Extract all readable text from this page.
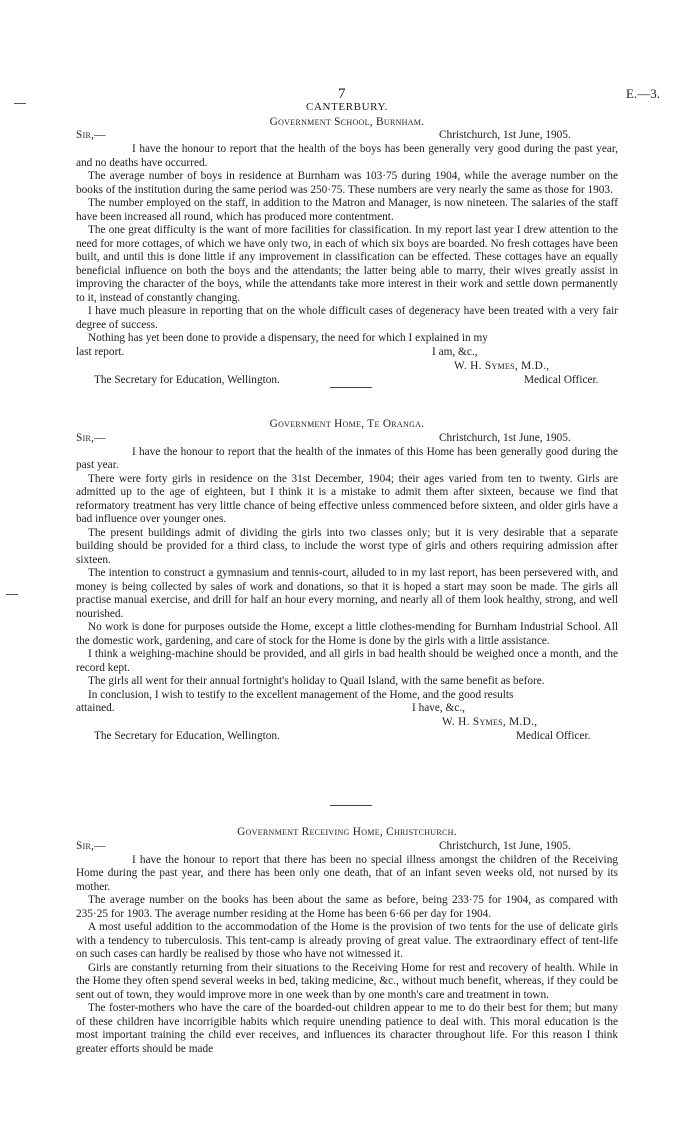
7	E.—3.
CANTERBURY.
Government School, Burnham.
Sir,—	Christchurch, 1st June, 1905.

I have the honour to report that the health of the boys has been generally very good during the past year, and no deaths have occurred.

The average number of boys in residence at Burnham was 103·75 during 1904, while the average number on the books of the institution during the same period was 250·75. These numbers are very nearly the same as those for 1903.

The number employed on the staff, in addition to the Matron and Manager, is now nineteen. The salaries of the staff have been increased all round, which has produced more contentment.

The one great difficulty is the want of more facilities for classification. In my report last year I drew attention to the need for more cottages, of which we have only two, in each of which six boys are boarded. No fresh cottages have been built, and until this is done little if any improvement in classification can be effected. These cottages have an equally beneficial influence on both the boys and the attendants; the latter being able to marry, their wives greatly assist in improving the character of the boys, while the attendants take more interest in their work and settle down permanently to it, instead of constantly changing.

I have much pleasure in reporting that on the whole difficult cases of degeneracy have been treated with a very fair degree of success.

Nothing has yet been done to provide a dispensary, the need for which I explained in my

last report.	I am, &c.,
W. H. Symes, M.D.,
The Secretary for Education, Wellington.	Medical Officer.
Government Home, Te Oranga.
Sir,—	Christchurch, 1st June, 1905.

I have the honour to report that the health of the inmates of this Home has been generally good during the past year.

There were forty girls in residence on the 31st December, 1904; their ages varied from ten to twenty. Girls are admitted up to the age of eighteen, but I think it is a mistake to admit them after sixteen, because we find that reformatory treatment has very little chance of being effective unless commenced before sixteen, and older girls have a bad influence over younger ones.

The present buildings admit of dividing the girls into two classes only; but it is very desirable that a separate building should be provided for a third class, to include the worst type of girls and others requiring admission after sixteen.

The intention to construct a gymnasium and tennis-court, alluded to in my last report, has been persevered with, and money is being collected by sales of work and donations, so that it is hoped a start may soon be made. The girls all practise manual exercise, and drill for half an hour every morning, and nearly all of them look healthy, strong, and well nourished.

No work is done for purposes outside the Home, except a little clothes-mending for Burnham Industrial School. All the domestic work, gardening, and care of stock for the Home is done by the girls with a little assistance.

I think a weighing-machine should be provided, and all girls in bad health should be weighed once a month, and the record kept.

The girls all went for their annual fortnight's holiday to Quail Island, with the same benefit as before.

In conclusion, I wish to testify to the excellent management of the Home, and the good results

attained.	I have, &c.,
W. H. Symes, M.D.,
The Secretary for Education, Wellington.	Medical Officer.
Government Receiving Home, Christchurch.
Sir,—	Christchurch, 1st June, 1905.

I have the honour to report that there has been no special illness amongst the children of the Receiving Home during the past year, and there has been only one death, that of an infant seven weeks old, not nursed by its mother.

The average number on the books has been about the same as before, being 233·75 for 1904, as compared with 235·25 for 1903. The average number residing at the Home has been 6·66 per day for 1904.

A most useful addition to the accommodation of the Home is the provision of two tents for the use of delicate girls with a tendency to tuberculosis. This tent-camp is already proving of great value. The extraordinary effect of tent-life on such cases can hardly be realised by those who have not witnessed it.

Girls are constantly returning from their situations to the Receiving Home for rest and recovery of health. While in the Home they often spend several weeks in bed, taking medicine, &c., without much benefit, whereas, if they could be sent out of town, they would improve more in one week than by one month's care and treatment in town.

The foster-mothers who have the care of the boarded-out children appear to me to do their best for them; but many of these children have incorrigible habits which require unending patience to deal with. This moral education is the most important training the child ever receives, and influences its character throughout life. For this reason I think greater efforts should be made
